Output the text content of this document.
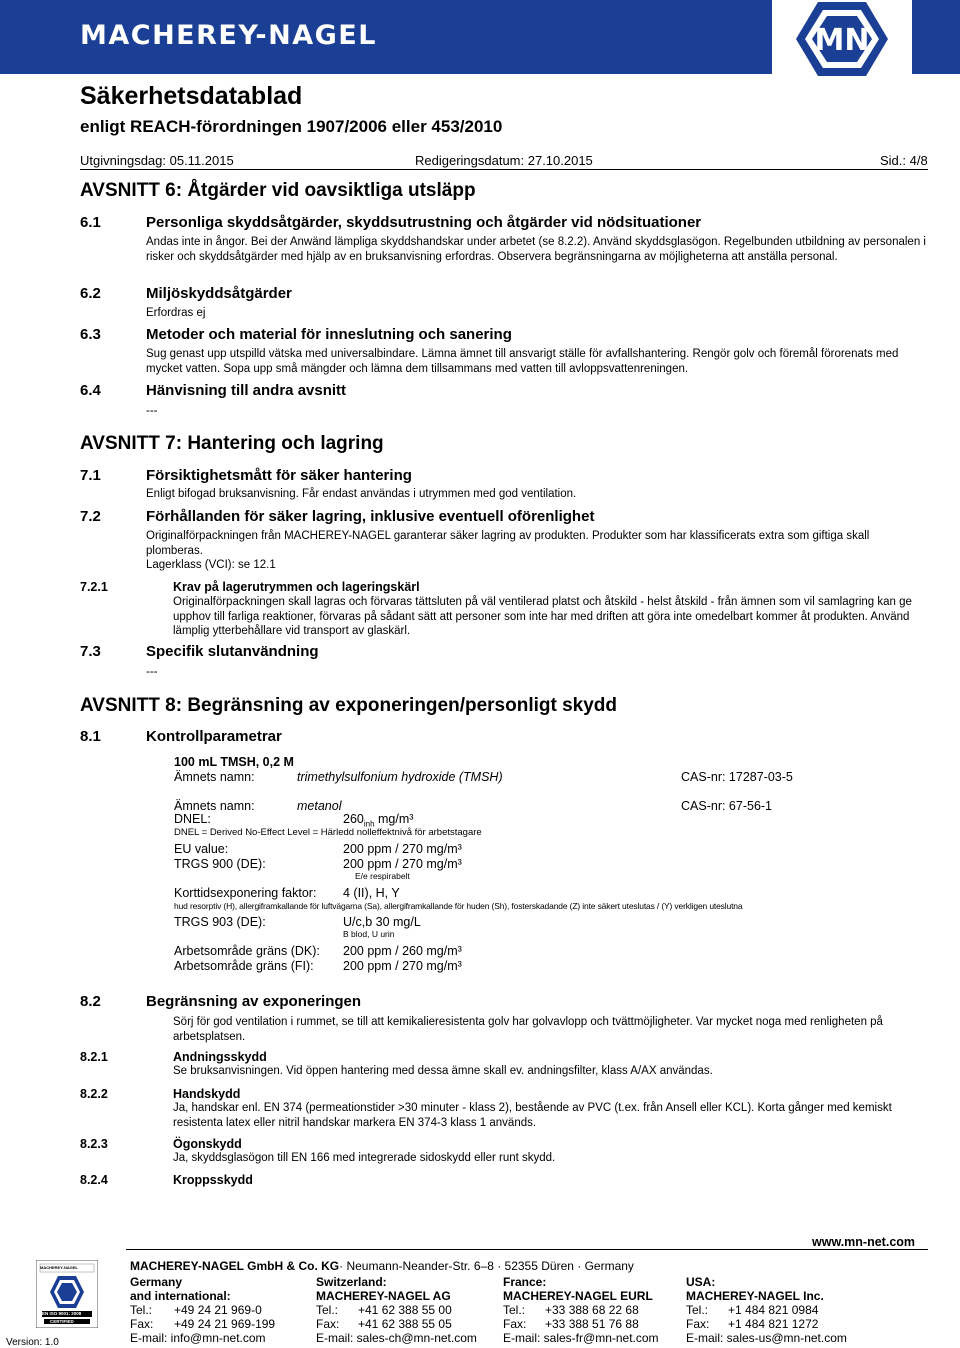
MACHEREY-NAGEL	MN
Säkerhetsdatablad
enligt REACH-förordningen 1907/2006 eller 453/2010
Utgivningsdag: 05.11.2015	Redigeringsdatum: 27.10.2015	Sid.: 4/8
AVSNITT 6: Åtgärder vid oavsiktliga utsläpp
6.1	Personliga skyddsåtgärder, skyddsutrustning och åtgärder vid nödsituationer

Andas inte in ångor. Bei der Anwänd lämpliga skyddshandskar under arbetet (se 8.2.2). Använd skyddsglasögon. Regelbunden utbildning av personalen i risker och skyddsåtgärder med hjälp av en bruksanvisning erfordras. Observera begränsningarna av möjligheterna att anställa personal.

6.2	Miljöskyddsåtgärder

Erfordras ej

6.3	Metoder och material för inneslutning och sanering

Sug genast upp utspilld vätska med universalbindare. Lämna ämnet till ansvarigt ställe för avfallshantering. Rengör golv och föremål förorenats med mycket vatten. Sopa upp små mängder och lämna dem tillsammans med vatten till avloppsvattenreningen.

6.4	Hänvisning till andra avsnitt

---

AVSNITT 7: Hantering och lagring
7.1	Försiktighetsmått för säker hantering

Enligt bifogad bruksanvisning. Får endast användas i utrymmen med god ventilation.

7.2	Förhållanden för säker lagring, inklusive eventuell oförenlighet

Originalförpackningen från MACHEREY-NAGEL garanterar säker lagring av produkten. Produkter som har klassificerats extra som giftiga skall plomberas.

Lagerklass (VCI): se 12.1

7.2.1	Krav på lagerutrymmen och lageringskärl

Originalförpackningen skall lagras och förvaras tättsluten på väl ventilerad platst och åtskild - helst åtskild - från ämnen som vil samlagring kan ge upphov till farliga reaktioner, förvaras på sådant sätt att personer som inte har med driften att göra inte omedelbart kommer åt produkten. Använd lämplig ytterbehållare vid transport av glaskärl.

7.3	Specifik slutanvändning

---

AVSNITT 8: Begränsning av exponeringen/personligt skydd
8.1	Kontrollparametrar
100 mL TMSH, 0,2 M
Ämnets namn:	trimethylsulfonium hydroxide (TMSH)	CAS-nr: 17287-03-5
Ämnets namn:	metanol	CAS-nr: 67-56-1
DNEL:	$260_{inh}$ mg/m³
DNEL = Derived No-Effect Level = Härledd nolleffektnivå för arbetstagare
EU value:	200 ppm / 270 mg/m³
TRGS 900 (DE):	200 ppm / 270 mg/m³
E/e respirabelt
Korttidsexponering faktor: 4 (II), H, Y
hud resorptiv (H), allergiframkallande för luftvägarna (Sa), allergiframkallande för huden (Sh), fosterskadande (Z) inte säkert uteslutas / (Y) verkligen uteslutna
TRGS 903 (DE):	U/c,b 30 mg/L
B blod, U urin
Arbetsområde gräns (DK): 200 ppm / 260 mg/m³
Arbetsområde gräns (FI): 200 ppm / 270 mg/m³
8.2	Begränsning av exponeringen

Sörj för god ventilation i rummet, se till att kemikalieresistenta golv har golvavlopp och tvättmöjligheter. Var mycket noga med renligheten på arbetsplatsen.

8.2.1	Andningsskydd

Se bruksanvisningen. Vid öppen hantering med dessa ämne skall ev. andningsfilter, klass A/AX användas.

8.2.2	Handskydd

Ja, handskar enl. EN 374 (permeationstider >30 minuter - klass 2), bestående av PVC (t.ex. från Ansell eller KCL). Korta gånger med kemiskt resistenta latex eller nitril handskar markera EN 374-3 klass 1 används.

8.2.3	Ögonskydd

Ja, skyddsglasögon till EN 166 med integrerade sidoskydd eller runt skydd.

8.2.4	Kroppsskydd
www.mn-net.com
MACHEREY-NAGEL GmbH & Co. KG· Neumann-Neander-Str. 6–8 · 52355 Düren · Germany
MACHEREY-NAGEL
EN ISO 9001: 2008
CERTIFIED
Version: 1.0
Germany
and international:
Tel.: +49 24 21 969-0
Fax: +49 24 21 969-199
E-mail: info@mn-net.com
Switzerland:
MACHEREY-NAGEL AG
Tel.: +41 62 388 55 00
Fax: +41 62 388 55 05
E-mail: sales-ch@mn-net.com
France:
MACHEREY-NAGEL EURL
Tel.: +33 388 68 22 68
Fax: +33 388 51 76 88
E-mail: sales-fr@mn-net.com
USA:
MACHEREY-NAGEL Inc.
Tel.: +1 484 821 0984
Fax: +1 484 821 1272
E-mail: sales-us@mn-net.com
